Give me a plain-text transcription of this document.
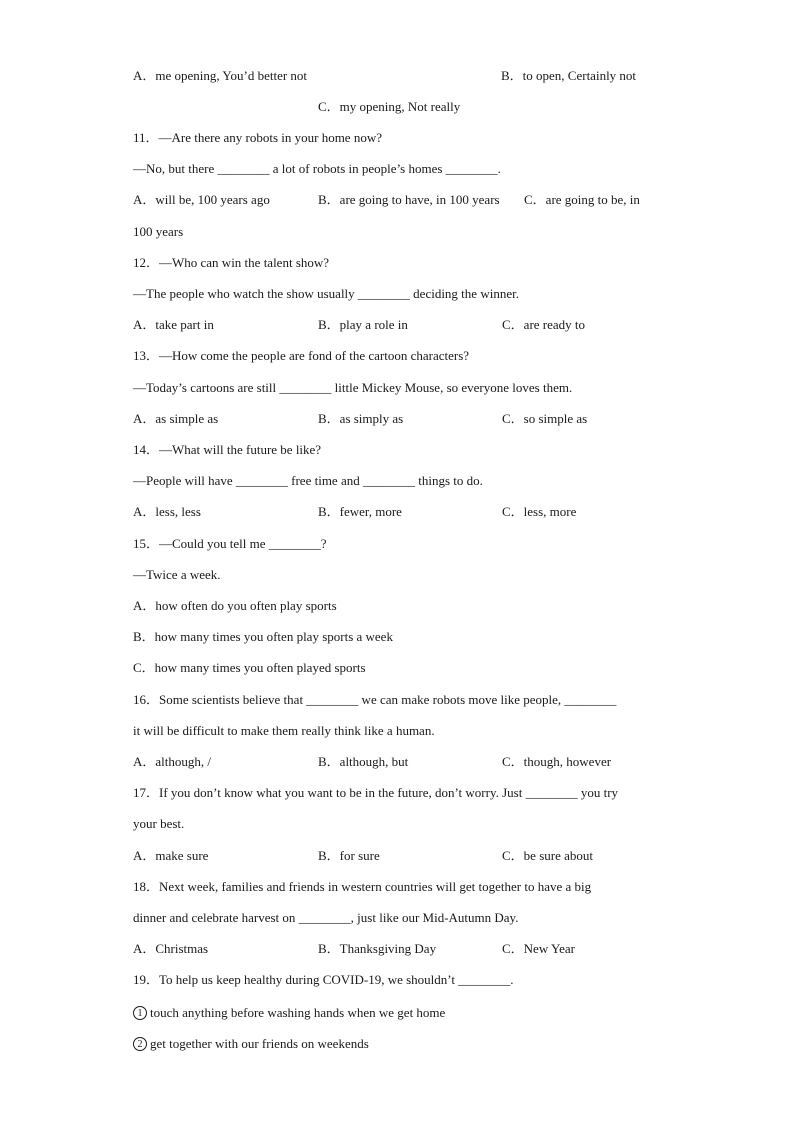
A．me opening, You’d better not	B．to open, Certainly not
C．my opening, Not really
11．—Are there any robots in your home now?
—No, but there ________ a lot of robots in people’s homes ________.
A．will be, 100 years ago	B．are going to have, in 100 years C．are going to be, in
100 years
12．—Who can win the talent show?
—The people who watch the show usually ________ deciding the winner.
A．take part in	B．play a role in	C．are ready to
13．—How come the people are fond of the cartoon characters?
—Today’s cartoons are still ________ little Mickey Mouse, so everyone loves them.
A．as simple as	B．as simply as	C．so simple as
14．—What will the future be like?
—People will have ________ free time and ________ things to do.
A．less, less	B．fewer, more	C．less, more
15．—Could you tell me ________?
—Twice a week.
A．how often do you often play sports
B．how many times you often play sports a week
C．how many times you often played sports
16．Some scientists believe that ________ we can make robots move like people, ________
it will be difficult to make them really think like a human.
A．although, /	B．although, but	C．though, however
17．If you don’t know what you want to be in the future, don’t worry. Just ________ you try
your best.
A．make sure	B．for sure	C．be sure about
18．Next week, families and friends in western countries will get together to have a big
dinner and celebrate harvest on ________, just like our Mid-Autumn Day.
A．Christmas	B．Thanksgiving Day	C．New Year
19．To help us keep healthy during COVID-19, we shouldn’t ________.
1 touch anything before washing hands when we get home
2 get together with our friends on weekends
